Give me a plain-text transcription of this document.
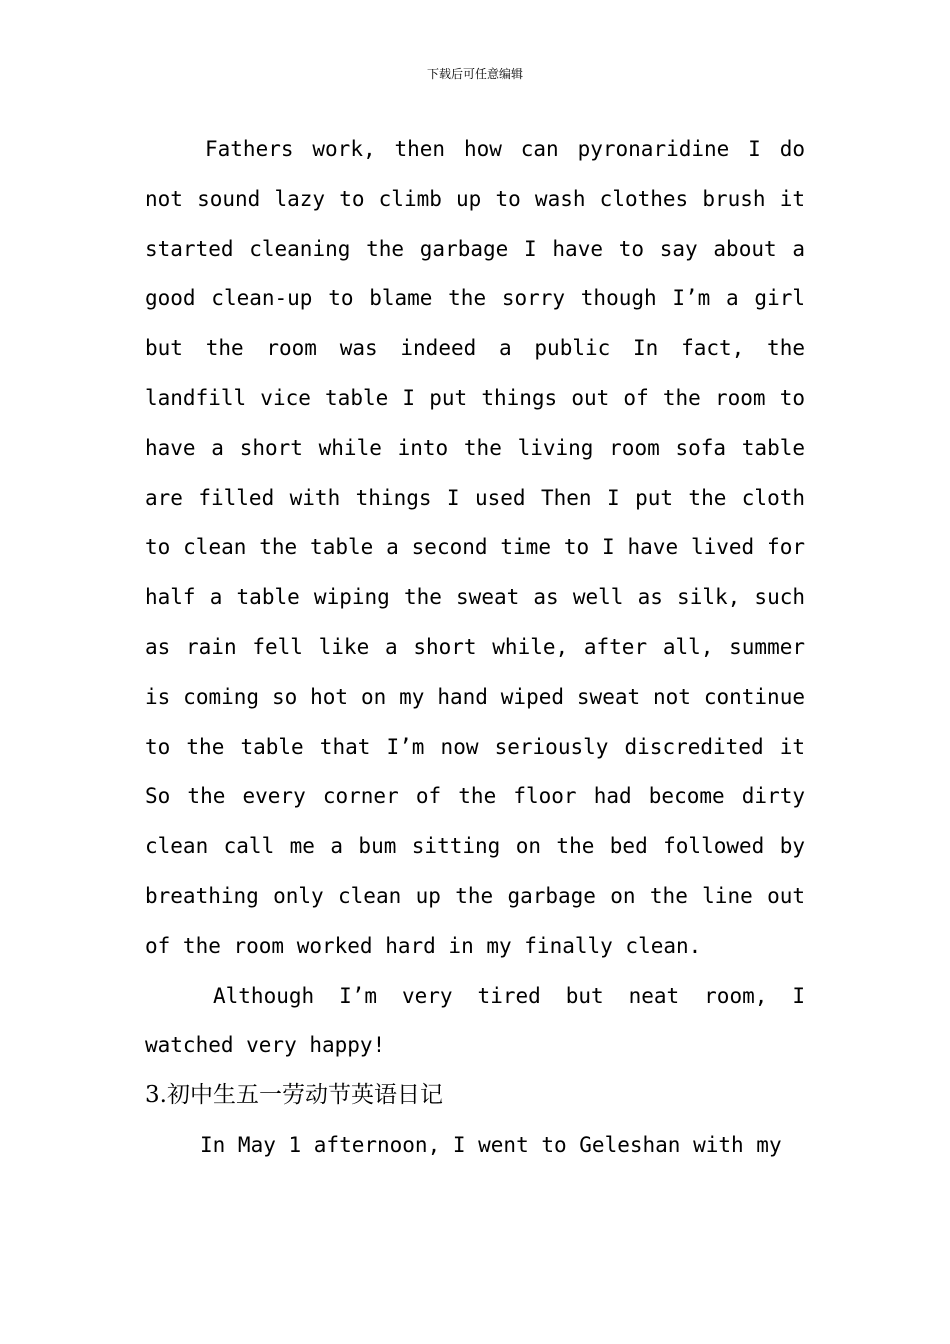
下载后可任意编辑

Fathers work, then how can pyronaridine I do not sound lazy to climb up to wash clothes brush it started cleaning the garbage I have to say about a good clean-up to blame the sorry though I’m a girl but the room was indeed a public In fact, the landfill vice table I put things out of the room to have a short while into the living room sofa table are filled with things I used Then I put the cloth to clean the table a second time to I have lived for half a table wiping the sweat as well as silk, such as rain fell like a short while, after all, summer is coming so hot on my hand wiped sweat not continue to the table that I’m now seriously discredited it So the every corner of the floor had become dirty clean call me a bum sitting on the bed followed by breathing only clean up the garbage on the line out of the room worked hard in my finally clean.

Although I’m very tired but neat room, I watched very happy!

3.初中生五一劳动节英语日记

In May 1 afternoon, I went to Geleshan with my
